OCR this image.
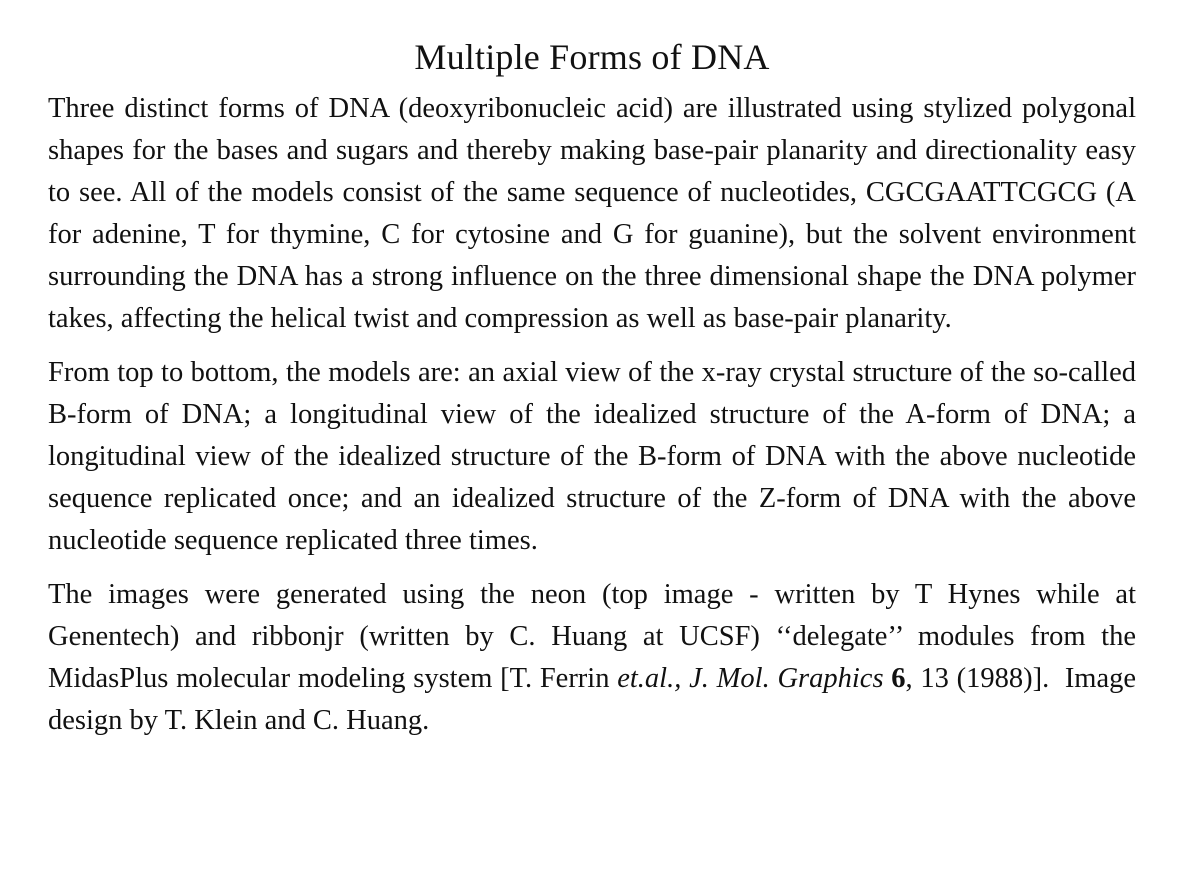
Multiple Forms of DNA

Three distinct forms of DNA (deoxyribonucleic acid) are illustrated using stylized polygonal shapes for the bases and sugars and thereby making base-pair planarity and directionality easy to see. All of the models consist of the same sequence of nucleotides, CGCGAATTCGCG (A for adenine, T for thymine, C for cytosine and G for guanine), but the solvent environment surrounding the DNA has a strong influence on the three dimensional shape the DNA polymer takes, affecting the helical twist and compression as well as base-pair planarity.

From top to bottom, the models are: an axial view of the x-ray crystal structure of the so-called B-form of DNA; a longitudinal view of the idealized structure of the A-form of DNA; a longitudinal view of the idealized structure of the B-form of DNA with the above nucleotide sequence replicated once; and an idealized structure of the Z-form of DNA with the above nucleotide sequence replicated three times.

The images were generated using the neon (top image - written by T Hynes while at Genentech) and ribbonjr (written by C. Huang at UCSF) ‘‘delegate’’ modules from the MidasPlus molecular modeling system [T. Ferrin et.al., J. Mol. Graphics 6, 13 (1988)]. Image design by T. Klein and C. Huang.
